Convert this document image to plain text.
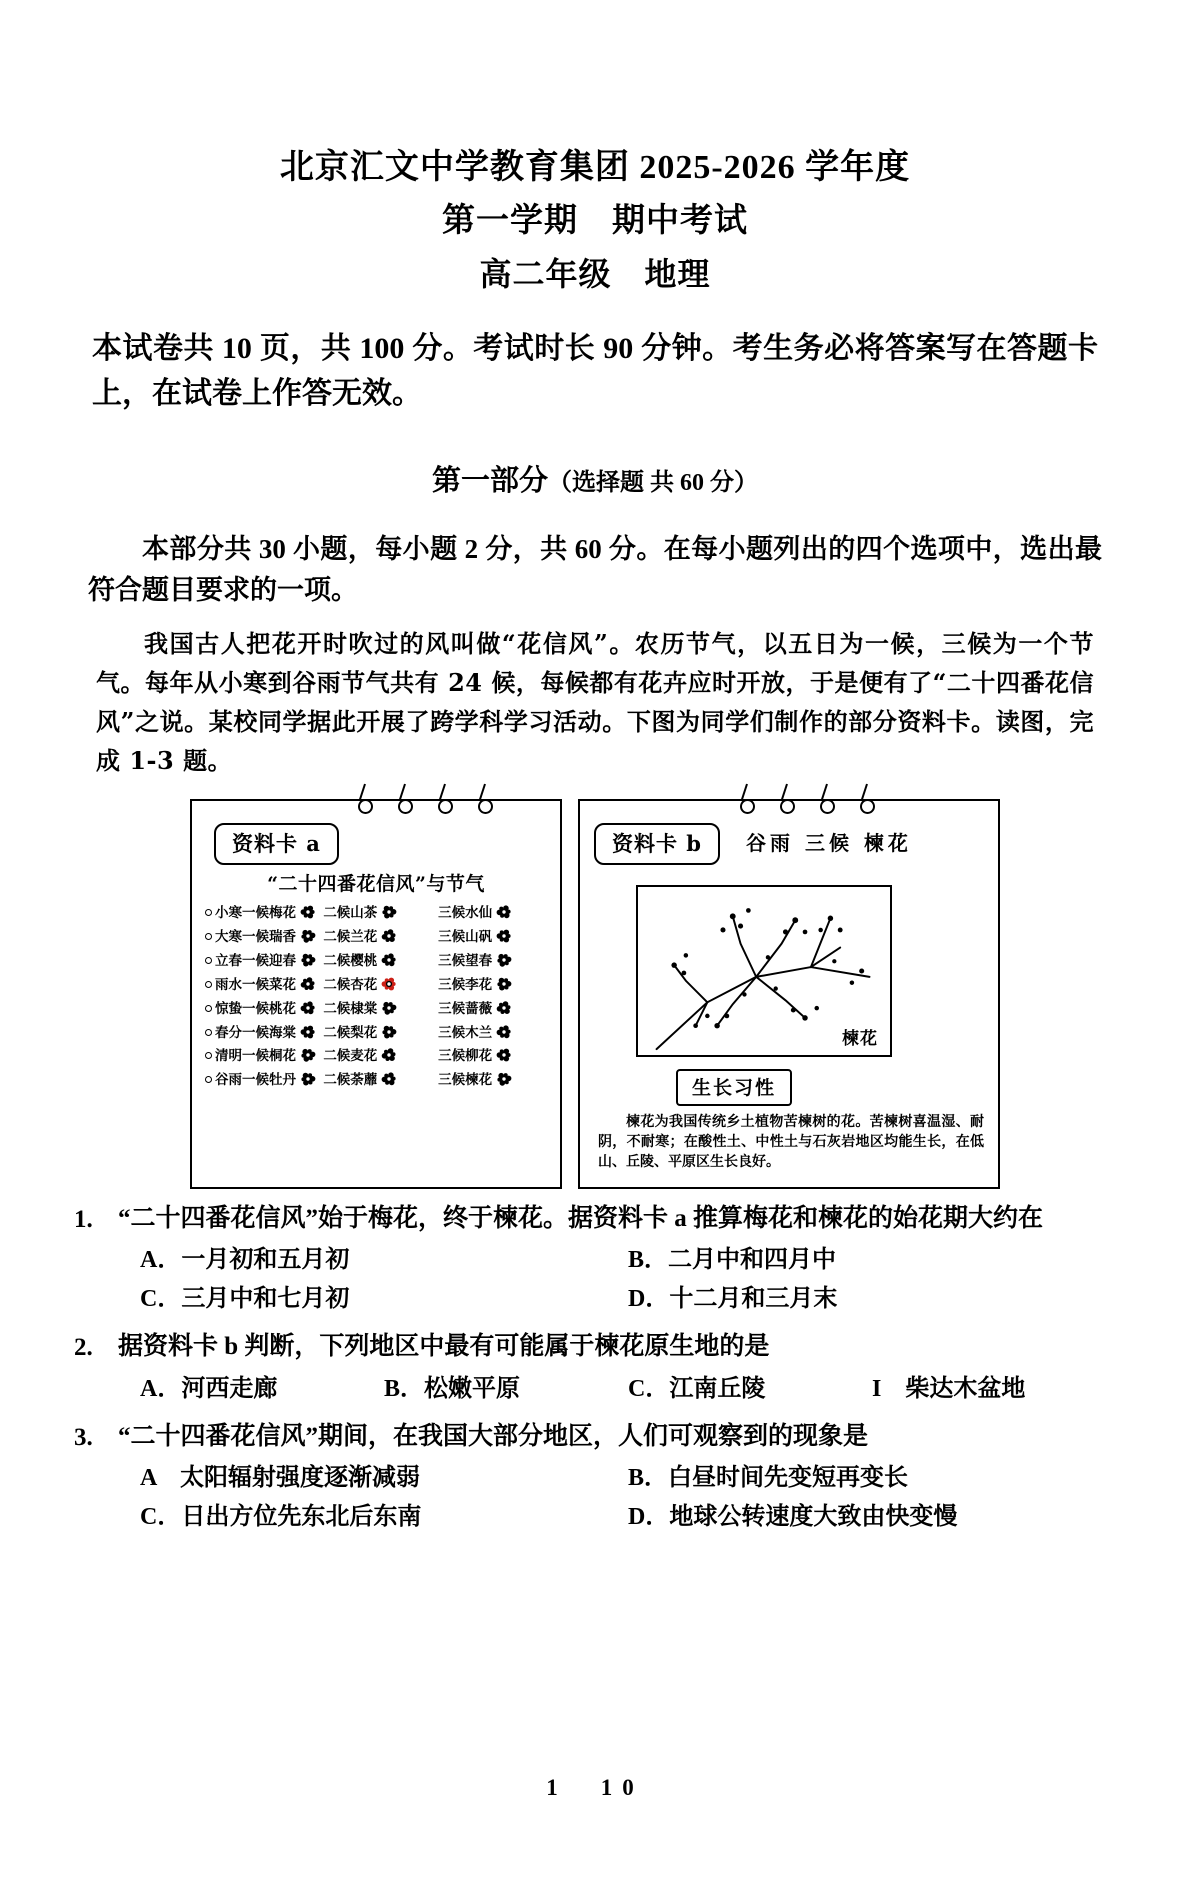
北京汇文中学教育集团 2025-2026 学年度
第一学期　期中考试
高二年级　地理
本试卷共 10 页，共 100 分。考试时长 90 分钟。考生务必将答案写在答题卡上，在试卷上作答无效。
第一部分（选择题 共 60 分）
本部分共 30 小题，每小题 2 分，共 60 分。在每小题列出的四个选项中，选出最符合题目要求的一项。
我国古人把花开时吹过的风叫做“花信风”。农历节气，以五日为一候，三候为一个节气。每年从小寒到谷雨节气共有 24 候，每候都有花卉应时开放，于是便有了“二十四番花信风”之说。某校同学据此开展了跨学科学习活动。下图为同学们制作的部分资料卡。读图，完成 1-3 题。
资料卡 a
“二十四番花信风”与节气
小寒一候梅花	二候山茶	三候水仙
大寒一候瑞香	二候兰花	三候山矾
立春一候迎春	二候樱桃	三候望春
雨水一候菜花	二候杏花	三候李花
惊蛰一候桃花	二候棣棠	三候蔷薇
春分一候海棠	二候梨花	三候木兰
清明一候桐花	二候麦花	三候柳花
谷雨一候牡丹	二候荼蘼	三候楝花
资料卡 b	谷雨 三候 楝花
楝花
生长习性
楝花为我国传统乡土植物苦楝树的花。苦楝树喜温湿、耐阴，不耐寒；在酸性土、中性土与石灰岩地区均能生长，在低山、丘陵、平原区生长良好。
1.	“二十四番花信风”始于梅花，终于楝花。据资料卡 a 推算梅花和楝花的始花期大约在
A．一月初和五月初	B．二月中和四月中
C．三月中和七月初	D．十二月和三月末
2.	据资料卡 b 判断，下列地区中最有可能属于楝花原生地的是
A．河西走廊	B．松嫩平原	C．江南丘陵	I　柴达木盆地
3.	“二十四番花信风”期间，在我国大部分地区，人们可观察到的现象是
A　太阳辐射强度逐渐减弱	B．白昼时间先变短再变长
C．日出方位先东北后东南	D．地球公转速度大致由快变慢
1　10
